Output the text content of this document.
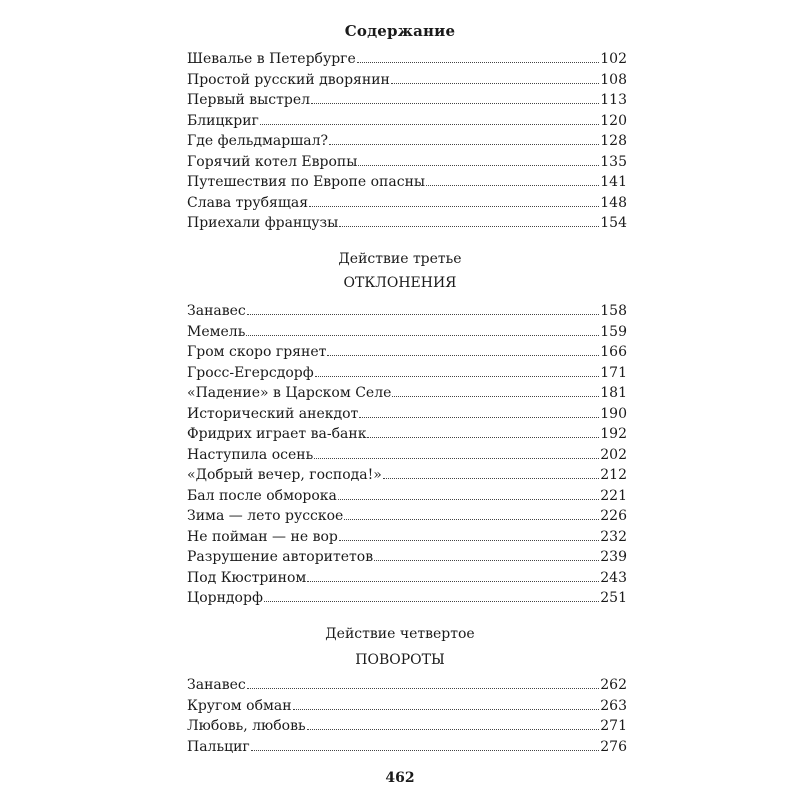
Содержание
Шевалье в Петербурге	102
Простой русский дворянин	108
Первый выстрел	113
Блицкриг	120
Где фельдмаршал?	128
Горячий котел Европы	135
Путешествия по Европе опасны	141
Слава трубящая	148
Приехали французы	154
Действие третье
ОТКЛОНЕНИЯ
Занавес	158
Мемель	159
Гром скоро грянет	166
Гросс-Егерсдорф	171
«Падение» в Царском Селе	181
Исторический анекдот	190
Фридрих играет ва-банк	192
Наступила осень	202
«Добрый вечер, господа!»	212
Бал после обморока	221
Зима — лето русское	226
Не пойман — не вор	232
Разрушение авторитетов	239
Под Кюстрином	243
Цорндорф	251
Действие четвертое
ПОВОРОТЫ
Занавес	262
Кругом обман	263
Любовь, любовь	271
Пальциг	276
462
